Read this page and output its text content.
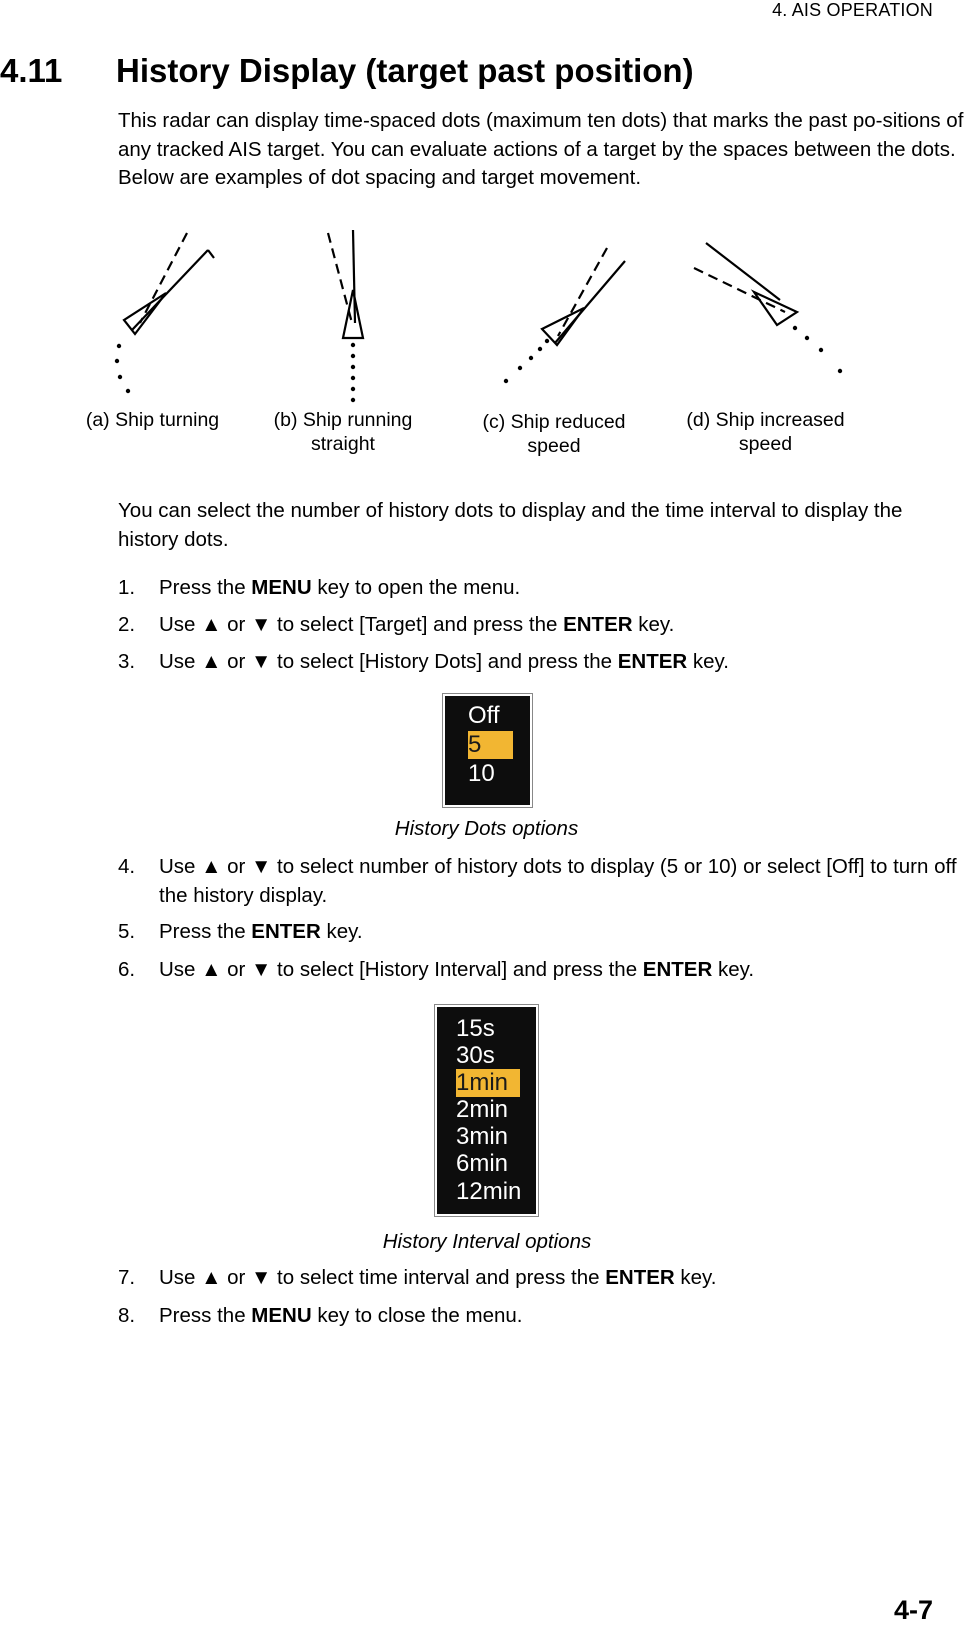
4. AIS OPERATION
4.11 History Display (target past position)
This radar can display time-spaced dots (maximum ten dots) that marks the past po-sitions of any tracked AIS target. You can evaluate actions of a target by the spaces between the dots. Below are examples of dot spacing and target movement.
(a) Ship turning	(b) Ship running
straight
(c) Ship reduced
speed
(d) Ship increased
speed
You can select the number of history dots to display and the time interval to display the history dots.
1.	Press the MENU key to open the menu.
2.	Use ▲ or ▼ to select [Target] and press the ENTER key.
3.	Use ▲ or ▼ to select [History Dots] and press the ENTER key.
Off
5
10
History Dots options
4.	Use ▲ or ▼ to select number of history dots to display (5 or 10) or select [Off] to turn off the history display.
5.	Press the ENTER key.
6.	Use ▲ or ▼ to select [History Interval] and press the ENTER key.
15s
30s
1min
2min
3min
6min
12min
History Interval options
7.	Use ▲ or ▼ to select time interval and press the ENTER key.
8.	Press the MENU key to close the menu.
4-7
